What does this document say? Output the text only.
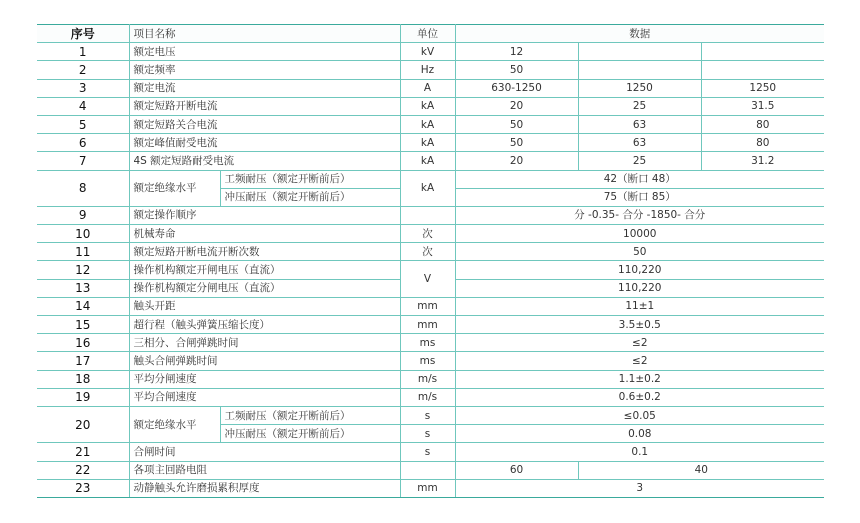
序号	项目名称		单位	数据		
1	额定电压		kV	12		
2	额定频率		Hz	50		
3	额定电流		A	630-1250	1250	1250
4	额定短路开断电流		kA	20	25	31.5
5	额定短路关合电流		kA	50	63	80
6	额定峰值耐受电流		kA	50	63	80
7	4S 额定短路耐受电流		kA	20	25	31.2
8	额定绝缘水平	工频耐压（额定开断前后）	kA	42（断口 48）		
		冲压耐压（额定开断前后）		75（断口 85）		
9	额定操作顺序			分 -0.35- 合分 -1850- 合分		
10	机械寿命		次	10000		
11	额定短路开断电流开断次数		次	50		
12	操作机构额定开闸电压（直流）		V	110,220		
13	操作机构额定分闸电压（直流）			110,220		
14	触头开距		mm	11±1		
15	超行程（触头弹簧压缩长度）		mm	3.5±0.5		
16	三相分、合闸弹跳时间		ms	≤2		
17	触头合闸弹跳时间		ms	≤2		
18	平均分闸速度		m/s	1.1±0.2		
19	平均合闸速度		m/s	0.6±0.2		
20	额定绝缘水平	工频耐压（额定开断前后）	s	≤0.05		
		冲压耐压（额定开断前后）	s	0.08		
21	合闸时间		s	0.1		
22	各项主回路电阻			60	40	
23	动静触头允许磨损累积厚度		mm	3		
